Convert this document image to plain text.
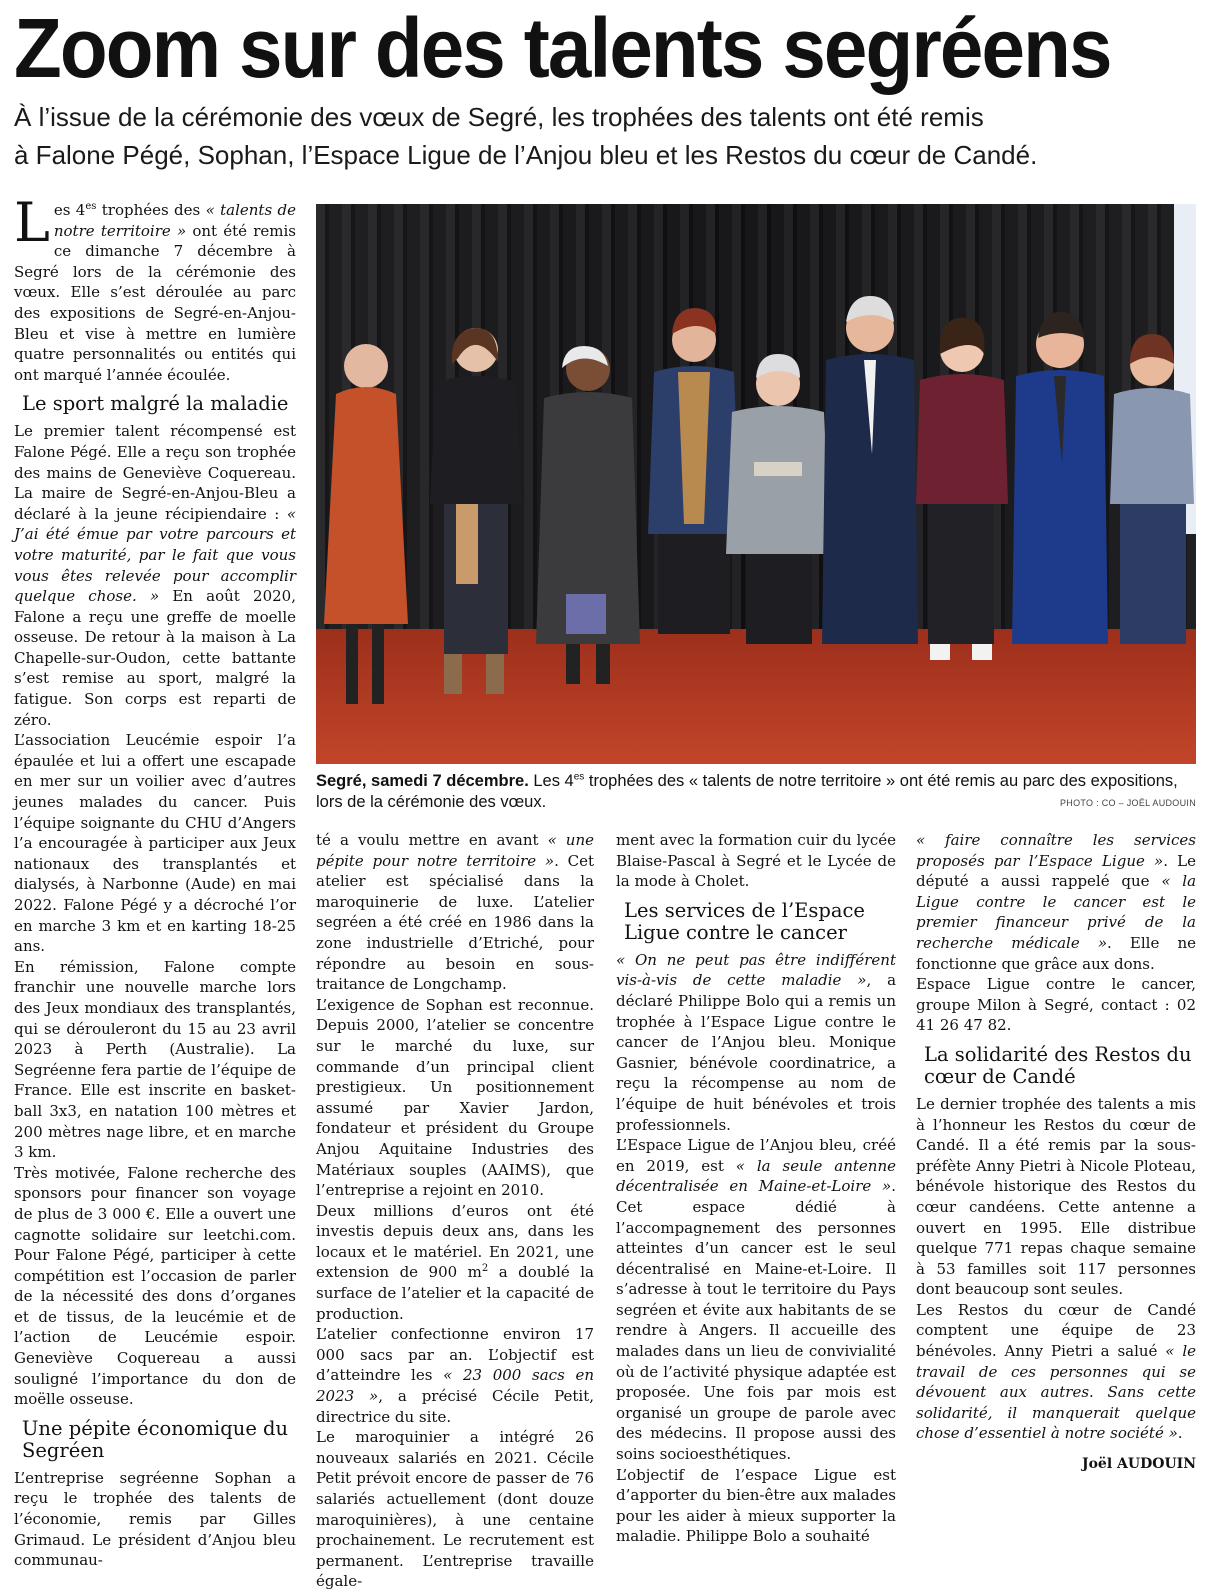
Zoom sur des talents segréens
À l’issue de la cérémonie des vœux de Segré, les trophées des talents ont été remis
à Falone Pégé, Sophan, l’Espace Ligue de l’Anjou bleu et les Restos du cœur de Candé.

Les $4^{es}$ trophées des « talents de notre territoire » ont été remis ce dimanche 7 décembre à Segré lors de la cérémonie des vœux. Elle s’est déroulée au parc des expositions de Segré-en-Anjou-Bleu et vise à mettre en lumière quatre personnalités ou entités qui ont marqué l’année écoulée.

Le sport malgré la maladie

Le premier talent récompensé est Falone Pégé. Elle a reçu son trophée des mains de Geneviève Coquereau. La maire de Segré-en-Anjou-Bleu a déclaré à la jeune récipiendaire : « J’ai été émue par votre parcours et votre maturité, par le fait que vous vous êtes relevée pour accomplir quelque chose. » En août 2020, Falone a reçu une greffe de moelle osseuse. De retour à la maison à La Chapelle-sur-Oudon, cette battante s’est remise au sport, malgré la fatigue. Son corps est reparti de zéro.

L’association Leucémie espoir l’a épaulée et lui a offert une escapade en mer sur un voilier avec d’autres jeunes malades du cancer. Puis l’équipe soignante du CHU d’Angers l’a encouragée à participer aux Jeux nationaux des transplantés et dialysés, à Narbonne (Aude) en mai 2022. Falone Pégé y a décroché l’or en marche 3 km et en karting 18-25 ans.

En rémission, Falone compte franchir une nouvelle marche lors des Jeux mondiaux des transplantés, qui se dérouleront du 15 au 23 avril 2023 à Perth (Australie). La Segréenne fera partie de l’équipe de France. Elle est inscrite en basket-ball 3x3, en natation 100 mètres et 200 mètres nage libre, et en marche 3 km.

Très motivée, Falone recherche des sponsors pour financer son voyage de plus de 3 000 €. Elle a ouvert une cagnotte solidaire sur leetchi.com. Pour Falone Pégé, participer à cette compétition est l’occasion de parler de la nécessité des dons d’organes et de tissus, de la leucémie et de l’action de Leucémie espoir. Geneviève Coquereau a aussi souligné l’importance du don de moëlle osseuse.

Une pépite économique du Segréen

L’entreprise segréenne Sophan a reçu le trophée des talents de l’économie, remis par Gilles Grimaud. Le président d’Anjou bleu communau-

Segré, samedi 7 décembre. Les $4^{es}$ trophées des « talents de notre territoire » ont été remis au parc des expositions, lors de la cérémonie des vœux.	PHOTO : CO – JOËL AUDOUIN

té a voulu mettre en avant « une pépite pour notre territoire ». Cet atelier est spécialisé dans la maroquinerie de luxe. L’atelier segréen a été créé en 1986 dans la zone industrielle d’Etriché, pour répondre au besoin en sous-traitance de Longchamp.

L’exigence de Sophan est reconnue. Depuis 2000, l’atelier se concentre sur le marché du luxe, sur commande d’un principal client prestigieux. Un positionnement assumé par Xavier Jardon, fondateur et président du Groupe Anjou Aquitaine Industries des Matériaux souples (AAIMS), que l’entreprise a rejoint en 2010.

Deux millions d’euros ont été investis depuis deux ans, dans les locaux et le matériel. En 2021, une extension de 900 $m^2$ a doublé la surface de l’atelier et la capacité de production.

L’atelier confectionne environ 17 000 sacs par an. L’objectif est d’atteindre les « 23 000 sacs en 2023 », a précisé Cécile Petit, directrice du site.

Le maroquinier a intégré 26 nouveaux salariés en 2021. Cécile Petit prévoit encore de passer de 76 salariés actuellement (dont douze maroquinières), à une centaine prochainement. Le recrutement est permanent. L’entreprise travaille égale-

ment avec la formation cuir du lycée Blaise-Pascal à Segré et le Lycée de la mode à Cholet.

Les services de l’Espace Ligue contre le cancer

« On ne peut pas être indifférent vis-à-vis de cette maladie », a déclaré Philippe Bolo qui a remis un trophée à l’Espace Ligue contre le cancer de l’Anjou bleu. Monique Gasnier, bénévole coordinatrice, a reçu la récompense au nom de l’équipe de huit bénévoles et trois professionnels.

L’Espace Ligue de l’Anjou bleu, créé en 2019, est « la seule antenne décentralisée en Maine-et-Loire ». Cet espace dédié à l’accompagnement des personnes atteintes d’un cancer est le seul décentralisé en Maine-et-Loire. Il s’adresse à tout le territoire du Pays segréen et évite aux habitants de se rendre à Angers. Il accueille des malades dans un lieu de convivialité où de l’activité physique adaptée est proposée. Une fois par mois est organisé un groupe de parole avec des médecins. Il propose aussi des soins socioesthétiques.

L’objectif de l’espace Ligue est d’apporter du bien-être aux malades pour les aider à mieux supporter la maladie. Philippe Bolo a souhaité

« faire connaître les services proposés par l’Espace Ligue ». Le député a aussi rappelé que « la Ligue contre le cancer est le premier financeur privé de la recherche médicale ». Elle ne fonctionne que grâce aux dons.

Espace Ligue contre le cancer, groupe Milon à Segré, contact : 02 41 26 47 82.

La solidarité des Restos du cœur de Candé

Le dernier trophée des talents a mis à l’honneur les Restos du cœur de Candé. Il a été remis par la sous-préfète Anny Pietri à Nicole Ploteau, bénévole historique des Restos du cœur candéens. Cette antenne a ouvert en 1995. Elle distribue quelque 771 repas chaque semaine à 53 familles soit 117 personnes dont beaucoup sont seules.

Les Restos du cœur de Candé comptent une équipe de 23 bénévoles. Anny Pietri a salué « le travail de ces personnes qui se dévouent aux autres. Sans cette solidarité, il manquerait quelque chose d’essentiel à notre société ».

Joël AUDOUIN
